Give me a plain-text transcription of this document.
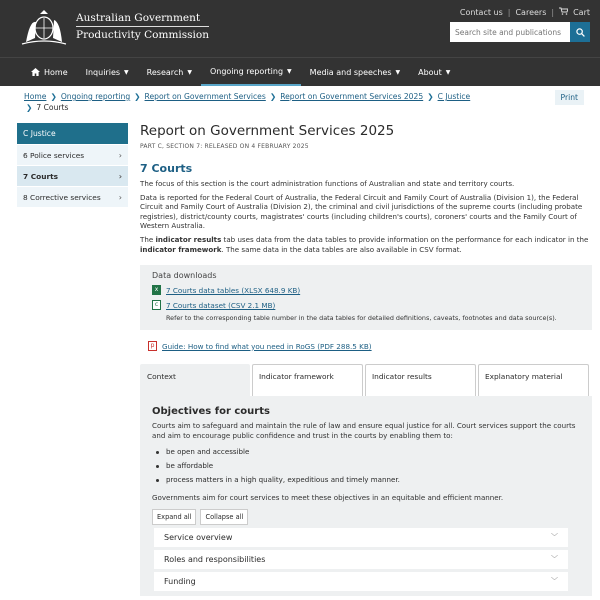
Australian Government
Productivity Commission
Contact us | Careers | Cart
Search site and publications
Home Inquiries ▼ Research ▼ Ongoing reporting ▼ Media and speeches ▼ About ▼
Home ❯ Ongoing reporting ❯ Report on Government Services ❯ Report on Government Services 2025 ❯ C Justice
❯ 7 Courts
Print
C Justice
6 Police services	›
7 Courts	›
8 Corrective services ›
Report on Government Services 2025
PART C, SECTION 7: RELEASED ON 4 FEBRUARY 2025
7 Courts

The focus of this section is the court administration functions of Australian and state and territory courts.

Data is reported for the Federal Court of Australia, the Federal Circuit and Family Court of Australia (Division 1), the Federal Circuit and Family Court of Australia (Division 2), the criminal and civil jurisdictions of the supreme courts (including probate registries), district/county courts, magistrates' courts (including children's courts), coroners' courts and the Family Court of Western Australia.

The indicator results tab uses data from the data tables to provide information on the performance for each indicator in the indicator framework. The same data in the data tables are also available in CSV format.

Data downloads
x	7 Courts data tables (XLSX 648.9 KB)
c	7 Courts dataset (CSV 2.1 MB)
Refer to the corresponding table number in the data tables for detailed definitions, caveats, footnotes and data source(s).
p	Guide: How to find what you need in RoGS (PDF 288.5 KB)
Context	Indicator framework	Indicator results	Explanatory material
Objectives for courts

Courts aim to safeguard and maintain the rule of law and ensure equal justice for all. Court services support the courts and aim to encourage public confidence and trust in the courts by enabling them to:

be open and accessible
be affordable
process matters in a high quality, expeditious and timely manner.

Governments aim for court services to meet these objectives in an equitable and efficient manner.

Expand all	Collapse all
Service overview	﹀
Roles and responsibilities	﹀
Funding	﹀
